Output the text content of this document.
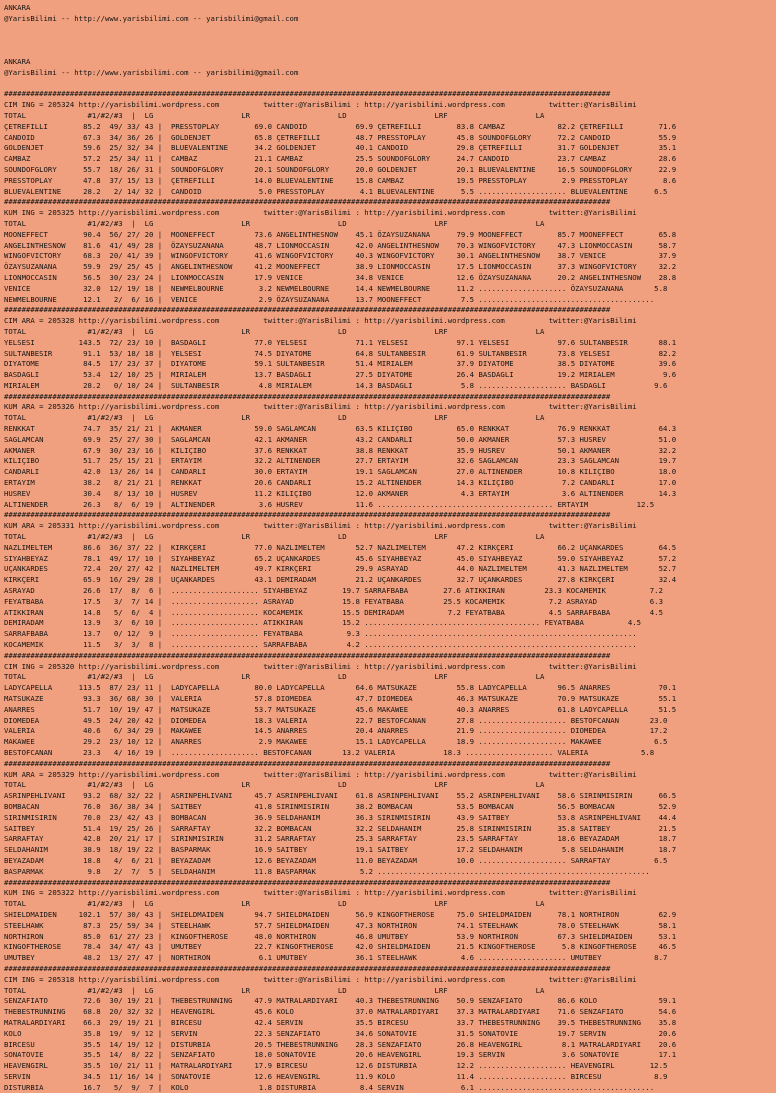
ANKARA
@YarisBilimi -- http://www.yarisbilimi.com -- yarisbilimi@gmail.com

ANKARA
@YarisBilimi -- http://www.yarisbilimi.com -- yarisbilimi@gmail.com

##########################################################################################################################################
CIM ING = 205324 http://yarisbilimi.wordpress.com          twitter:@YarisBilimi : http://yarisbilimi.wordpress.com          twitter:@YarisBilimi
TOTAL              #1/#2/#3  |  LG                    LR                    LD                    LRF                    LA
ÇETREFILLI        85.2  49/ 33/ 43 |  PRESSTOPLAY        69.0 CANDOID           69.9 ÇETREFILLI        83.8 CAMBAZ            82.2 ÇETREFILLI        71.6
CANDOID           67.3  34/ 36/ 26 |  GOLDENJET          65.8 ÇETREFILLI        48.7 PRESSTOPLAY       45.8 SOUNDOFGLORY      72.2 CANDOID           55.9
GOLDENJET         59.6  25/ 32/ 34 |  BLUEVALENTINE      34.2 GOLDENJET         40.1 CANDOID           29.8 ÇETREFILLI        31.7 GOLDENJET         35.1
CAMBAZ            57.2  25/ 34/ 11 |  CAMBAZ             21.1 CAMBAZ            25.5 SOUNDOFGLORY      24.7 CANDOID           23.7 CAMBAZ            28.6
SOUNDOFGLORY      55.7  18/ 26/ 31 |  SOUNDOFGLORY       20.1 SOUNDOFGLORY      20.0 GOLDENJET         20.1 BLUEVALENTINE     16.5 SOUNDOFGLORY      22.9
PRESSTOPLAY       47.8  37/ 15/ 13 |  ÇETREFILLI         14.0 BLUEVALENTINE     15.8 CAMBAZ            19.5 PRESSTOPLAY        2.9 PRESSTOPLAY        8.6
BLUEVALENTINE     28.2   2/ 14/ 32 |  CANDOID             5.0 PRESSTOPLAY        4.1 BLUEVALENTINE      5.5 .................... BLUEVALENTINE      6.5
##########################################################################################################################################
KUM ING = 205325 http://yarisbilimi.wordpress.com          twitter:@YarisBilimi : http://yarisbilimi.wordpress.com          twitter:@YarisBilimi
TOTAL              #1/#2/#3  |  LG                    LR                    LD                    LRF                    LA
MOONEFFECT        90.4  56/ 27/ 20 |  MOONEFFECT         73.6 ANGELINTHESNOW    45.1 ÖZAYSUZANANA      79.9 MOONEFFECT        85.7 MOONEFFECT        65.8
ANGELINTHESNOW    81.6  41/ 49/ 28 |  ÖZAYSUZANANA       48.7 LIONMOCCASIN      42.0 ANGELINTHESNOW    70.3 WINGOFVICTORY     47.3 LIONMOCCASIN      58.7
WINGOFVICTORY     68.3  20/ 41/ 39 |  WINGOFVICTORY      41.6 WINGOFVICTORY     40.3 WINGOFVICTORY     30.1 ANGELINTHESNOW    38.7 VENICE            37.9
ÖZAYSUZANANA      59.9  29/ 25/ 45 |  ANGELINTHESNOW     41.2 MOONEFFECT        38.9 LIONMOCCASIN      17.5 LIONMOCCASIN      37.3 WINGOFVICTORY     32.2
LIONMOCCASIN      56.5  30/ 23/ 24 |  LIONMOCCASIN       17.9 VENICE            34.8 VENICE            12.6 ÖZAYSUZANANA      20.2 ANGELINTHESNOW    28.8
VENICE            32.0  12/ 19/ 18 |  NEWMELBOURNE        3.2 NEWMELBOURNE      14.4 NEWMELBOURNE      11.2 .................... ÖZAYSUZANANA       5.8
NEWMELBOURNE      12.1   2/  6/ 16 |  VENICE              2.9 ÖZAYSUZANANA      13.7 MOONEFFECT         7.5 ........................................
##########################################################################################################################################
CIM ARA = 205328 http://yarisbilimi.wordpress.com          twitter:@YarisBilimi : http://yarisbilimi.wordpress.com          twitter:@YarisBilimi
TOTAL              #1/#2/#3  |  LG                    LR                    LD                    LRF                    LA
YELSESI          143.5  72/ 23/ 10 |  BASDAGLI           77.0 YELSESI           71.1 YELSESI           97.1 YELSESI           97.6 SULTANBESIR       88.1
SULTANBESIR       91.1  53/ 18/ 18 |  YELSESI            74.5 DIYATOME          64.8 SULTANBESIR       61.9 SULTANBESIR       73.8 YELSESI           82.2
DIYATOME          84.5  17/ 23/ 37 |  DIYATOME           59.1 SULTANBESIR       51.4 MIRIALEM          37.9 DIYATOME          38.5 DIYATOME          39.6
BASDAGLI          53.4  12/ 10/ 25 |  MIRIALEM           13.7 BASDAGLI          27.5 DIYATOME          26.4 BASDAGLI          19.2 MIRIALEM           9.6
MIRIALEM          28.2   0/ 10/ 24 |  SULTANBESIR         4.8 MIRIALEM          14.3 BASDAGLI           5.8 .................... BASDAGLI           9.6
##########################################################################################################################################
KUM ARA = 205326 http://yarisbilimi.wordpress.com          twitter:@YarisBilimi : http://yarisbilimi.wordpress.com          twitter:@YarisBilimi
TOTAL              #1/#2/#3  |  LG                    LR                    LD                    LRF                    LA
RENKKAT           74.7  35/ 21/ 21 |  AKMANER            59.0 SAGLAMCAN         63.5 KILIÇIBO          65.0 RENKKAT           76.9 RENKKAT           64.3
SAGLAMCAN         69.9  25/ 27/ 30 |  SAGLAMCAN          42.1 AKMANER           43.2 CANDARLI          50.0 AKMANER           57.3 HUSREV            51.0
AKMANER           67.9  30/ 23/ 16 |  KILIÇIBO           37.6 RENKKAT           38.8 RENKKAT           35.9 HUSREV            50.1 AKMANER           32.2
KILIÇIBO          51.7  25/ 15/ 21 |  ERTAYIM            32.2 ALTINENDER        27.7 ERTAYIM           32.6 SAGLAMCAN         23.3 SAGLAMCAN         19.7
CANDARLI          42.0  13/ 26/ 14 |  CANDARLI           30.0 ERTAYIM           19.1 SAGLAMCAN         27.0 ALTINENDER        10.8 KILIÇIBO          18.0
ERTAYIM           38.2   8/ 21/ 21 |  RENKKAT            20.6 CANDARLI          15.2 ALTINENDER        14.3 KILIÇIBO           7.2 CANDARLI          17.0
HUSREV            30.4   8/ 13/ 10 |  HUSREV             11.2 KILIÇIBO          12.0 AKMANER            4.3 ERTAYIM            3.6 ALTINENDER        14.3
ALTINENDER        26.3   8/  6/ 19 |  ALTINENDER          3.6 HUSREV            11.6 ........................................ ERTAYIM           12.5
##########################################################################################################################################
KUM ARA = 205331 http://yarisbilimi.wordpress.com          twitter:@YarisBilimi : http://yarisbilimi.wordpress.com          twitter:@YarisBilimi
TOTAL              #1/#2/#3  |  LG                    LR                    LD                    LRF                    LA
NAZLIMELTEM       86.6  36/ 37/ 22 |  KIRKÇERI           77.0 NAZLIMELTEM       52.7 NAZLIMELTEM       47.2 KIRKÇERI          66.2 UÇANKARDES        64.5
SIYAHBEYAZ        78.1  49/ 17/ 10 |  SIYAHBEYAZ         65.2 UÇANKARDES        45.6 SIYAHBEYAZ        45.0 SIYAHBEYAZ        59.0 SIYAHBEYAZ        57.2
UÇANKARDES        72.4  20/ 27/ 42 |  NAZLIMELTEM        49.7 KIRKÇERI          29.9 ASRAYAD           44.0 NAZLIMELTEM       41.3 NAZLIMELTEM       52.7
KIRKÇERI          65.9  16/ 29/ 28 |  UÇANKARDES         43.1 DEMIRADAM         21.2 UÇANKARDES        32.7 UÇANKARDES        27.8 KIRKÇERI          32.4
ASRAYAD           26.6  17/  8/  6 |  .................... SIYAHBEYAZ        19.7 SARRAFBABA        27.6 ATIKKIRAN         23.3 KOCAMEMIK          7.2
FEYATBABA         17.5   3/  7/ 14 |  .................... ASRAYAD           15.8 FEYATBABA         25.5 KOCAMEMIK          7.2 ASRAYAD            6.3
ATIKKIRAN         14.8   5/  6/  4 |  .................... KOCAMEMIK         15.5 DEMIRADAM          7.2 FEYATBABA          4.5 SARRAFBABA         4.5
DEMIRADAM         13.9   3/  6/ 10 |  .................... ATIKKIRAN         15.2 ........................................ FEYATBABA          4.5
SARRAFBABA        13.7   0/ 12/  9 |  .................... FEYATBABA          9.3 ..............................................................
KOCAMEMIK         11.5   3/  3/  8 |  .................... SARRAFBABA         4.2 ..............................................................
##########################################################################################################################################
CIM ING = 205320 http://yarisbilimi.wordpress.com          twitter:@YarisBilimi : http://yarisbilimi.wordpress.com          twitter:@YarisBilimi
TOTAL              #1/#2/#3  |  LG                    LR                    LD                    LRF                    LA
LADYCAPELLA      113.5  87/ 23/ 11 |  LADYCAPELLA        80.0 LADYCAPELLA       64.6 MATSUKAZE         55.8 LADYCAPELLA       96.5 ANARRES           70.1
MATSUKAZE         93.3  36/ 68/ 30 |  VALERIA            57.8 DIOMEDEA          47.7 DIOMEDEA          46.3 MATSUKAZE         70.9 MATSUKAZE         55.1
ANARRES           51.7  10/ 19/ 47 |  MATSUKAZE          53.7 MATSUKAZE         45.6 MAKAWEE           40.3 ANARRES           61.8 LADYCAPELLA       51.5
DIOMEDEA          49.5  24/ 20/ 42 |  DIOMEDEA           18.3 VALERIA           22.7 BESTOFCANAN       27.8 .................... BESTOFCANAN       23.0
VALERIA           40.6   6/ 34/ 29 |  MAKAWEE            14.5 ANARRES           20.4 ANARRES           21.9 .................... DIOMEDEA          17.2
MAKAWEE           29.2  23/ 10/ 12 |  ANARRES             2.9 MAKAWEE           15.1 LADYCAPELLA       18.9 .................... MAKAWEE            6.5
BESTOFCANAN       23.3   4/ 16/ 19 |  .................... BESTOFCANAN       13.2 VALERIA           18.3 .................... VALERIA            5.8
##########################################################################################################################################
KUM ARA = 205329 http://yarisbilimi.wordpress.com          twitter:@YarisBilimi : http://yarisbilimi.wordpress.com          twitter:@YarisBilimi
TOTAL              #1/#2/#3  |  LG                    LR                    LD                    LRF                    LA
ASRINPEHLIVANI    93.2  68/ 32/ 22 |  ASRINPEHLIVANI     45.7 ASRINPEHLIVANI    61.8 ASRINPEHLIVANI    55.2 ASRINPEHLIVANI    58.6 SIRINMISIRIN      66.5
BOMBACAN          76.0  36/ 38/ 34 |  SAITBEY            41.8 SIRINMISIRIN      38.2 BOMBACAN          53.5 BOMBACAN          56.5 BOMBACAN          52.9
SIRINMISIRIN      70.0  23/ 42/ 43 |  BOMBACAN           36.9 SELDAHANIM        36.3 SIRINMISIRIN      43.9 SAITBEY           53.8 ASRINPEHLIVANI    44.4
SAITBEY           51.4  19/ 25/ 26 |  SARRAFTAY          32.2 BOMBACAN          32.2 SELDAHANIM        25.8 SIRINMISIRIN      35.8 SAITBEY           21.5
SARRAFTAY         42.8  20/ 21/ 17 |  SIRINMISIRIN       31.2 SARRAFTAY         25.3 SARRAFTAY         23.5 SARRAFTAY         18.6 BEYAZADAM         18.7
SELDAHANIM        38.9  18/ 19/ 22 |  BASPARMAK          16.9 SAITBEY           19.1 SAITBEY           17.2 SELDAHANIM         5.8 SELDAHANIM        18.7
BEYAZADAM         18.8   4/  6/ 21 |  BEYAZADAM          12.6 BEYAZADAM         11.0 BEYAZADAM         10.0 .................... SARRAFTAY          6.5
BASPARMAK          9.8   2/  7/  5 |  SELDAHANIM         11.8 BASPARMAK          5.2 ..............................................................
##########################################################################################################################################
KUM ING = 205322 http://yarisbilimi.wordpress.com          twitter:@YarisBilimi : http://yarisbilimi.wordpress.com          twitter:@YarisBilimi
TOTAL              #1/#2/#3  |  LG                    LR                    LD                    LRF                    LA
SHIELDMAIDEN     102.1  57/ 30/ 43 |  SHIELDMAIDEN       94.7 SHIELDMAIDEN      56.9 KINGOFTHEROSE     75.0 SHIELDMAIDEN      78.1 NORTHIRON         62.9
STEELHAWK         87.3  25/ 59/ 34 |  STEELHAWK          57.7 SHIELDMAIDEN      47.3 NORTHIRON         74.1 STEELHAWK         78.0 STEELHAWK         58.1
NORTHIRON         85.0  61/ 27/ 23 |  KINGOFTHEROSE      48.0 NORTHIRON         46.8 UMUTBEY           53.9 NORTHIRON         67.3 SHIELDMAIDEN      53.1
KINGOFTHEROSE     78.4  34/ 47/ 43 |  UMUTBEY            22.7 KINGOFTHEROSE     42.0 SHIELDMAIDEN      21.5 KINGOFTHEROSE      5.8 KINGOFTHEROSE     46.5
UMUTBEY           48.2  13/ 27/ 47 |  NORTHIRON           6.1 UMUTBEY           36.1 STEELHAWK          4.6 .................... UMUTBEY            8.7
##########################################################################################################################################
CIM ING = 205318 http://yarisbilimi.wordpress.com          twitter:@YarisBilimi : http://yarisbilimi.wordpress.com          twitter:@YarisBilimi
TOTAL              #1/#2/#3  |  LG                    LR                    LD                    LRF                    LA
SENZAFIATO        72.6  30/ 19/ 21 |  THEBESTRUNNING     47.9 MATRALARDIYARI    40.3 THEBESTRUNNING    50.9 SENZAFIATO        86.6 KOLO              59.1
THEBESTRUNNING    68.8  20/ 32/ 32 |  HEAVENGIRL         45.6 KOLO              37.0 MATRALARDIYARI    37.3 MATRALARDIYARI    71.6 SENZAFIATO        54.6
MATRALARDIYARI    66.3  29/ 19/ 21 |  BIRCESU            42.4 SERVIN            35.5 BIRCESU           33.7 THEBESTRUNNING    39.5 THEBESTRUNNING    35.8
KOLO              35.8  19/  9/ 12 |  SERVIN             22.3 SENZAFIATO        34.6 SONATOVIE         31.5 SONATOVIE         19.7 SERVIN            20.6
BIRCESU           35.5  14/ 19/ 12 |  DISTURBIA          20.5 THEBESTRUNNING    28.3 SENZAFIATO        26.8 HEAVENGIRL         8.1 MATRALARDIYARI    20.6
SONATOVIE         35.5  14/  8/ 22 |  SENZAFIATO         18.0 SONATOVIE         20.6 HEAVENGIRL        19.3 SERVIN             3.6 SONATOVIE         17.1
HEAVENGIRL        35.5  10/ 21/ 11 |  MATRALARDIYARI     17.9 BIRCESU           12.6 DISTURBIA         12.2 .................... HEAVENGIRL        12.5
SERVIN            34.5  11/ 16/ 14 |  SONATOVIE          12.6 HEAVENGIRL        11.9 KOLO              11.4 .................... BIRCESU            8.9
DISTURBIA         16.7   5/  9/  7 |  KOLO                1.8 DISTURBIA          8.4 SERVIN             6.1 ........................................
